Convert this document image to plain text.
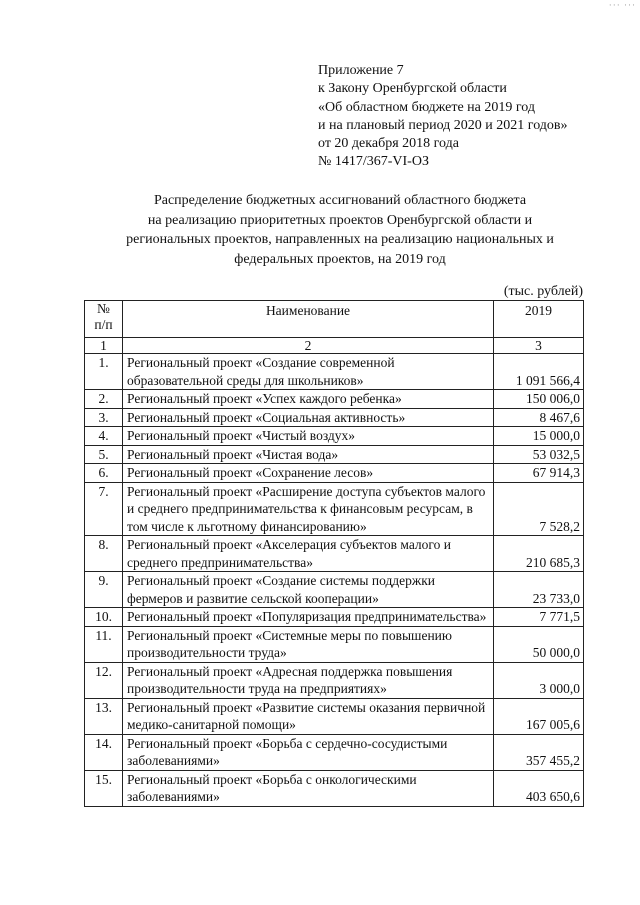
··· ···
Приложение 7
к Закону Оренбургской области
«Об областном бюджете на 2019 год
и на плановый период 2020 и 2021 годов»
от 20 декабря 2018 года
№ 1417/367-VI-ОЗ
Распределение бюджетных ассигнований областного бюджета
на реализацию приоритетных проектов Оренбургской области и
региональных проектов, направленных на реализацию национальных и
федеральных проектов, на 2019 год
(тыс. рублей)
№
п/п	Наименование	2019
1	2	3
1.	Региональный проект «Создание современной образовательной среды для школьников»	1 091 566,4
2.	Региональный проект «Успех каждого ребенка»	150 006,0
3.	Региональный проект «Социальная активность»	8 467,6
4.	Региональный проект «Чистый воздух»	15 000,0
5.	Региональный проект «Чистая вода»	53 032,5
6.	Региональный проект «Сохранение лесов»	67 914,3
7.	Региональный проект «Расширение доступа субъектов малого и среднего предпринимательства к финансовым ресурсам, в том числе к льготному финансированию»	7 528,2
8.	Региональный проект «Акселерация субъектов малого и среднего предпринимательства»	210 685,3
9.	Региональный проект «Создание системы поддержки фермеров и развитие сельской кооперации»	23 733,0
10.	Региональный проект «Популяризация предпринимательства»	7 771,5
11.	Региональный проект «Системные меры по повышению производительности труда»	50 000,0
12.	Региональный проект «Адресная поддержка повышения производительности труда на предприятиях»	3 000,0
13.	Региональный проект «Развитие системы оказания первичной медико-санитарной помощи»	167 005,6
14.	Региональный проект «Борьба с сердечно-сосудистыми заболеваниями»	357 455,2
15.	Региональный проект «Борьба с онкологическими заболеваниями»	403 650,6
